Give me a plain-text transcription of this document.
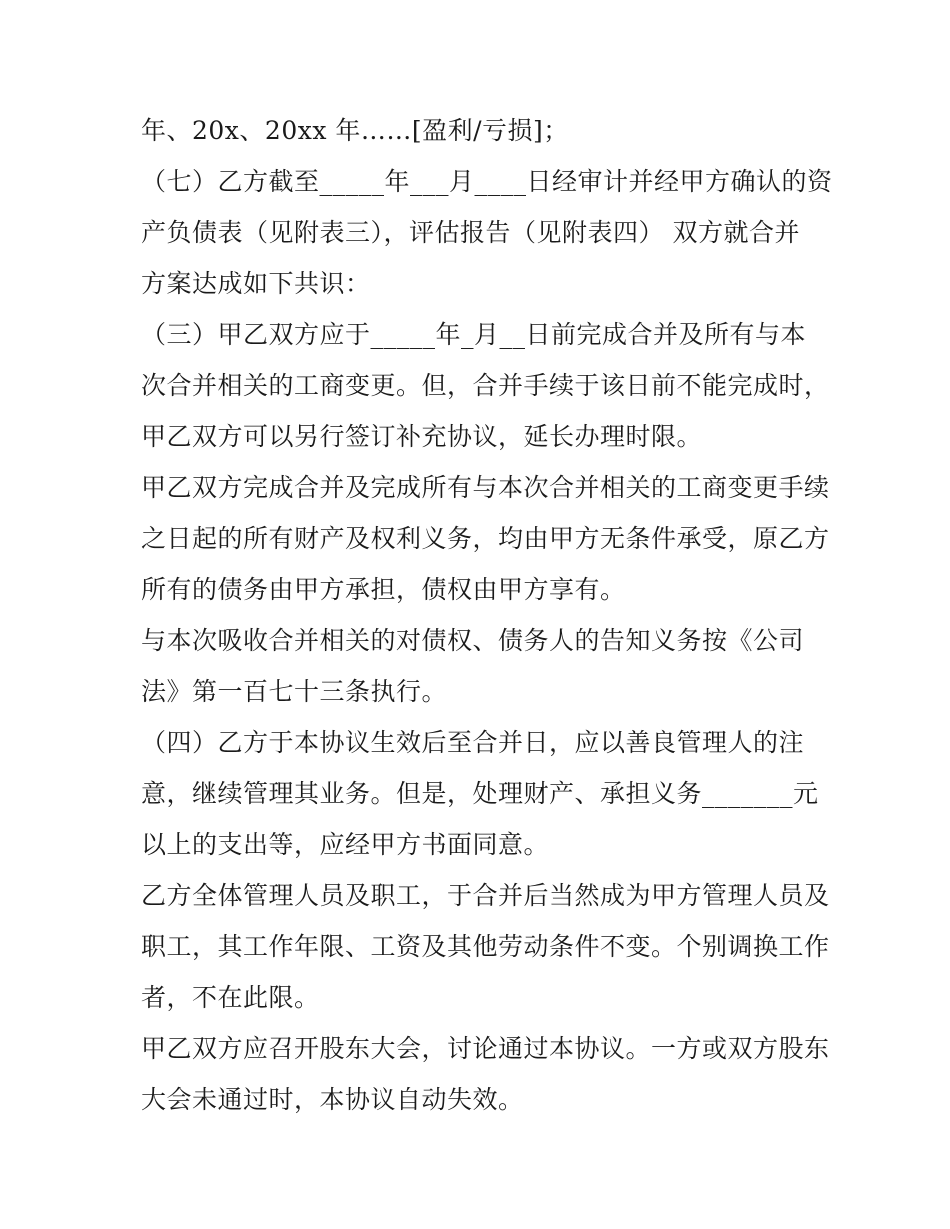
年、20x、20xx 年……[盈利/亏损]；
（七）乙方截至_____年___月____日经审计并经甲方确认的资
产负债表（见附表三），评估报告（见附表四） 双方就合并
方案达成如下共识：
（三）甲乙双方应于_____年_月__日前完成合并及所有与本
次合并相关的工商变更。但，合并手续于该日前不能完成时，
甲乙双方可以另行签订补充协议，延长办理时限。
甲乙双方完成合并及完成所有与本次合并相关的工商变更手续
之日起的所有财产及权利义务，均由甲方无条件承受，原乙方
所有的债务由甲方承担，债权由甲方享有。
与本次吸收合并相关的对债权、债务人的告知义务按《公司
法》第一百七十三条执行。
（四）乙方于本协议生效后至合并日，应以善良管理人的注
意，继续管理其业务。但是，处理财产、承担义务_______元
以上的支出等，应经甲方书面同意。
乙方全体管理人员及职工，于合并后当然成为甲方管理人员及
职工，其工作年限、工资及其他劳动条件不变。个别调换工作
者，不在此限。
甲乙双方应召开股东大会，讨论通过本协议。一方或双方股东
大会未通过时，本协议自动失效。
